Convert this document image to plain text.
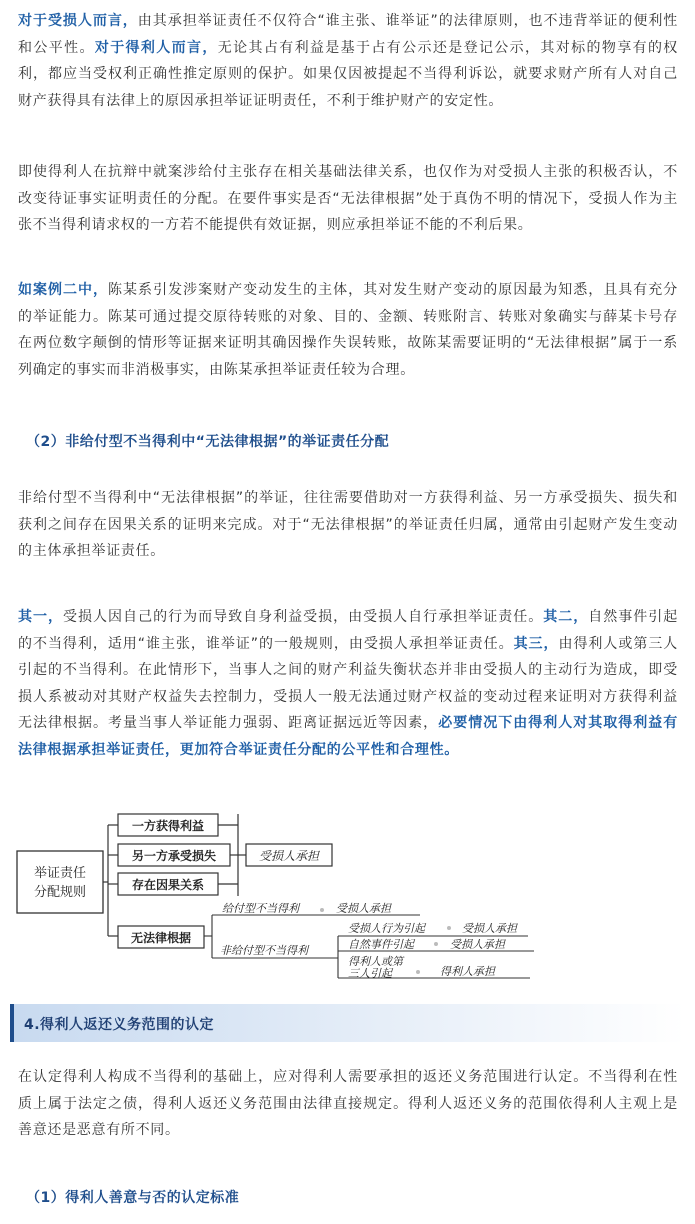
对于受损人而言，由其承担举证责任不仅符合“谁主张、谁举证”的法律原则，也不违背举证的便利性和公平性。对于得利人而言，无论其占有利益是基于占有公示还是登记公示，其对标的物享有的权利，都应当受权利正确性推定原则的保护。如果仅因被提起不当得利诉讼，就要求财产所有人对自己财产获得具有法律上的原因承担举证证明责任，不利于维护财产的安定性。

即使得利人在抗辩中就案涉给付主张存在相关基础法律关系，也仅作为对受损人主张的积极否认，不改变待证事实证明责任的分配。在要件事实是否“无法律根据”处于真伪不明的情况下，受损人作为主张不当得利请求权的一方若不能提供有效证据，则应承担举证不能的不利后果。

如案例二中，陈某系引发涉案财产变动发生的主体，其对发生财产变动的原因最为知悉，且具有充分的举证能力。陈某可通过提交原待转账的对象、目的、金额、转账附言、转账对象确实与薛某卡号存在两位数字颠倒的情形等证据来证明其确因操作失误转账，故陈某需要证明的“无法律根据”属于一系列确定的事实而非消极事实，由陈某承担举证责任较为合理。

（2）非给付型不当得利中“无法律根据”的举证责任分配

非给付型不当得利中“无法律根据”的举证，往往需要借助对一方获得利益、另一方承受损失、损失和获利之间存在因果关系的证明来完成。对于“无法律根据”的举证责任归属，通常由引起财产发生变动的主体承担举证责任。

其一，受损人因自己的行为而导致自身利益受损，由受损人自行承担举证责任。其二，自然事件引起的不当得利，适用“谁主张，谁举证”的一般规则，由受损人承担举证责任。其三，由得利人或第三人引起的不当得利。在此情形下，当事人之间的财产利益失衡状态并非由受损人的主动行为造成，即受损人系被动对其财产权益失去控制力，受损人一般无法通过财产权益的变动过程来证明对方获得利益无法律根据。考量当事人举证能力强弱、距离证据远近等因素，必要情况下由得利人对其取得利益有法律根据承担举证责任，更加符合举证责任分配的公平性和合理性。

举证责任
分配规则
一方获得利益
另一方承受损失
存在因果关系
受损人承担
无法律根据
给付型不当得利	受损人承担
非给付型不当得利
受损人行为引起	受损人承担
自然事件引起	受损人承担
得利人或第
三人引起	得利人承担
4.得利人返还义务范围的认定

在认定得利人构成不当得利的基础上，应对得利人需要承担的返还义务范围进行认定。不当得利在性质上属于法定之债，得利人返还义务范围由法律直接规定。得利人返还义务的范围依得利人主观上是善意还是恶意有所不同。

（1）得利人善意与否的认定标准
